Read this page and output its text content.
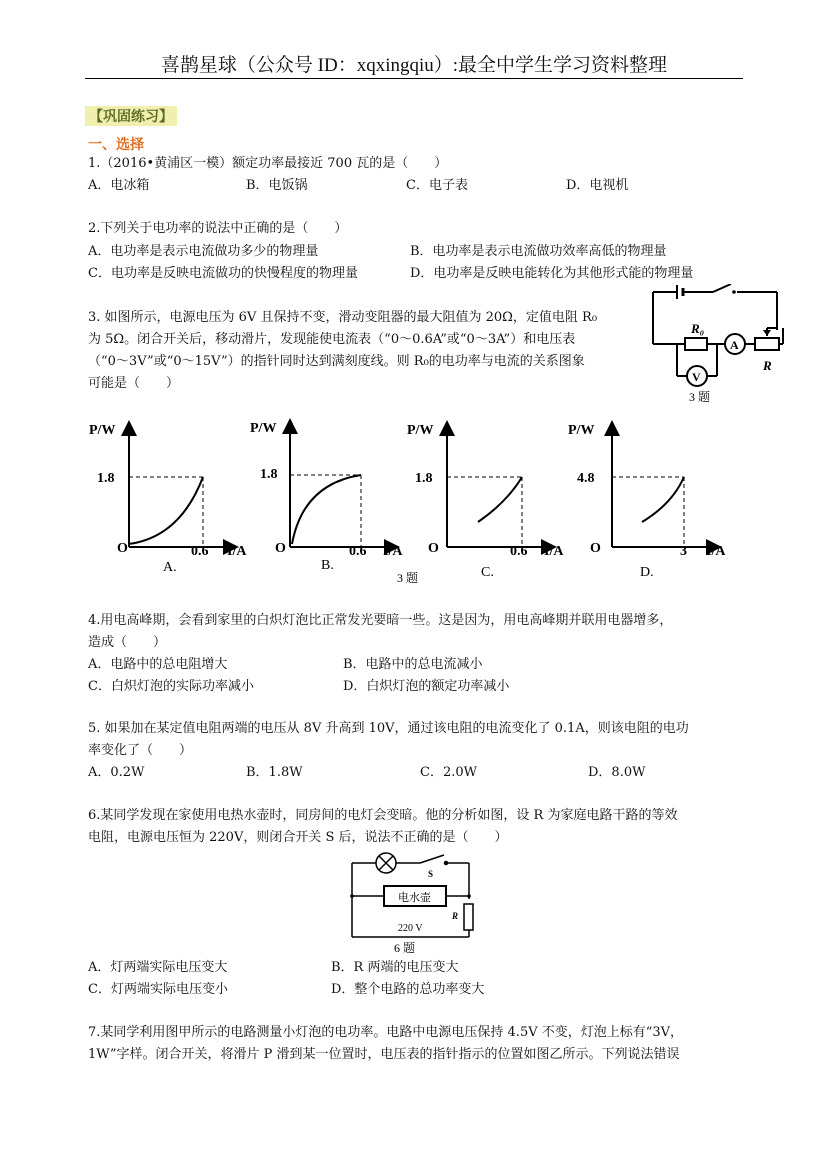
喜鹊星球（公众号 ID：xqxingqiu）:最全中学生学习资料整理
【巩固练习】
一、选择
1.（2016•黄浦区一模）额定功率最接近 700 瓦的是（　　）
A．电冰箱	B．电饭锅	C．电子表	D．电视机
2.下列关于电功率的说法中正确的是（　　）
A．电功率是表示电流做功多少的物理量	B．电功率是表示电流做功效率高低的物理量
C．电功率是反映电流做功的快慢程度的物理量	D．电功率是反映电能转化为其他形式能的物理量
3. 如图所示，电源电压为 6V 且保持不变，滑动变阻器的最大阻值为 20Ω，定值电阻 R₀
为 5Ω。闭合开关后，移动滑片，发现能使电流表（“0～0.6A”或“0～3A”）和电压表
（“0～3V”或“0～15V”）的指针同时达到满刻度线。则 R₀的电功率与电流的关系图象
可能是（　　）
R₀
A
R
V
3 题
P/W
I/A
O
1.8
0.6
A.
P/W
I/A
O
1.8
0.6
B.
P/W
I/A
O
1.8
0.6
C.
P/W
I/A
O
4.8
3
D.
3 题
4.用电高峰期，会看到家里的白炽灯泡比正常发光要暗一些。这是因为，用电高峰期并联用电器增多，
造成（　　）
A．电路中的总电阻增大	B．电路中的总电流减小
C．白炽灯泡的实际功率减小	D．白炽灯泡的额定功率减小
5. 如果加在某定值电阻两端的电压从 8V 升高到 10V，通过该电阻的电流变化了 0.1A，则该电阻的电功
率变化了（　　）
A．0.2W	B．1.8W	C．2.0W	D．8.0W
6.某同学发现在家使用电热水壶时，同房间的电灯会变暗。他的分析如图，设 R 为家庭电路干路的等效
电阻，电源电压恒为 220V，则闭合开关 S 后，说法不正确的是（　　）
S
电水壶
R
220 V
6 题
A．灯两端实际电压变大	B．R 两端的电压变大
C．灯两端实际电压变小	D．整个电路的总功率变大
7.某同学利用图甲所示的电路测量小灯泡的电功率。电路中电源电压保持 4.5V 不变，灯泡上标有“3V，
1W”字样。闭合开关，将滑片 P 滑到某一位置时，电压表的指针指示的位置如图乙所示。下列说法错误
